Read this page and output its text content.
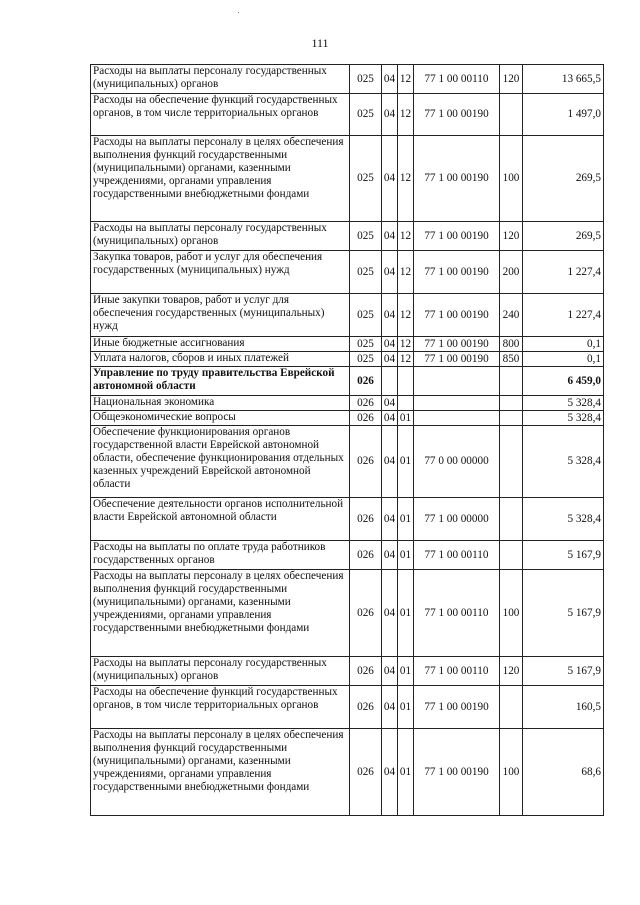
111
Расходы на выплаты персоналу государственных (муниципальных) органов	025	04	12	77 1 00 00110	120	13 665,5
Расходы на обеспечение функций государственных органов, в том числе территориальных органов	025	04	12	77 1 00 00190		1 497,0
Расходы на выплаты персоналу в целях обеспечения выполнения функций государственными (муниципальными) органами, казенными учреждениями, органами управления государственными внебюджетными фондами	025	04	12	77 1 00 00190	100	269,5
Расходы на выплаты персоналу государственных (муниципальных) органов	025	04	12	77 1 00 00190	120	269,5
Закупка товаров, работ и услуг для обеспечения государственных (муниципальных) нужд	025	04	12	77 1 00 00190	200	1 227,4
Иные закупки товаров, работ и услуг для обеспечения государственных (муниципальных) нужд	025	04	12	77 1 00 00190	240	1 227,4
Иные бюджетные ассигнования	025	04	12	77 1 00 00190	800	0,1
Уплата налогов, сборов и иных платежей	025	04	12	77 1 00 00190	850	0,1
Управление по труду правительства Еврейской автономной области	026					6 459,0
Национальная экономика	026	04				5 328,4
Общеэкономические вопросы	026	04	01			5 328,4
Обеспечение функционирования органов государственной власти Еврейской автономной области, обеспечение функционирования отдельных казенных учреждений Еврейской автономной области	026	04	01	77 0 00 00000		5 328,4
Обеспечение деятельности органов исполнительной власти Еврейской автономной области	026	04	01	77 1 00 00000		5 328,4
Расходы на выплаты по оплате труда работников государственных органов	026	04	01	77 1 00 00110		5 167,9
Расходы на выплаты персоналу в целях обеспечения выполнения функций государственными (муниципальными) органами, казенными учреждениями, органами управления государственными внебюджетными фондами	026	04	01	77 1 00 00110	100	5 167,9
Расходы на выплаты персоналу государственных (муниципальных) органов	026	04	01	77 1 00 00110	120	5 167,9
Расходы на обеспечение функций государственных органов, в том числе территориальных органов	026	04	01	77 1 00 00190		160,5
Расходы на выплаты персоналу в целях обеспечения выполнения функций государственными (муниципальными) органами, казенными учреждениями, органами управления государственными внебюджетными фондами	026	04	01	77 1 00 00190	100	68,6
